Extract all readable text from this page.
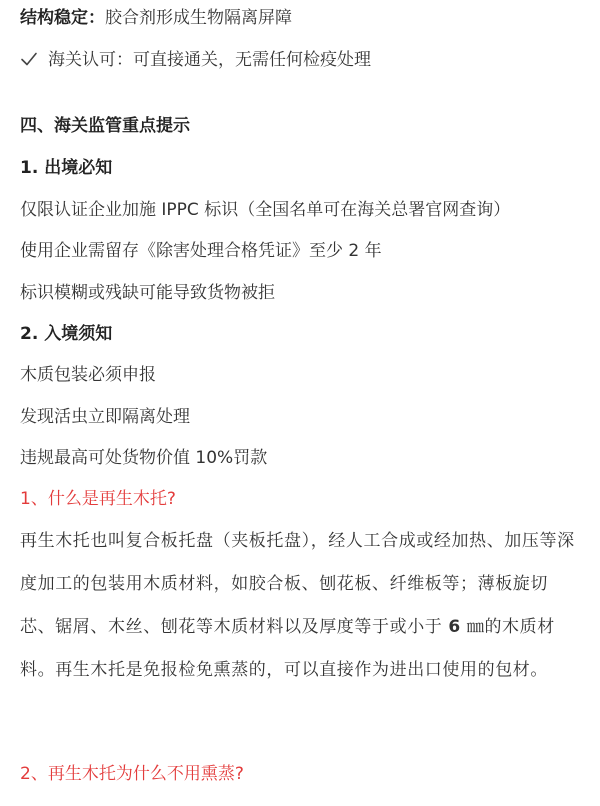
结构稳定：胶合剂形成生物隔离屏障

海关认可：可直接通关，无需任何检疫处理

四、海关监管重点提示

1. 出境必知

仅限认证企业加施 IPPC 标识（全国名单可在海关总署官网查询）

使用企业需留存《除害处理合格凭证》至少 2 年

标识模糊或残缺可能导致货物被拒

2. 入境须知

木质包装必须申报

发现活虫立即隔离处理

违规最高可处货物价值 10%罚款

1、什么是再生木托?

再生木托也叫复合板托盘（夹板托盘），经人工合成或经加热、加压等深度加工的包装用木质材料，如胶合板、刨花板、纤维板等；薄板旋切芯、锯屑、木丝、刨花等木质材料以及厚度等于或小于 6 ㎜的木质材料。再生木托是免报检免熏蒸的，可以直接作为进出口使用的包材。

2、再生木托为什么不用熏蒸?
